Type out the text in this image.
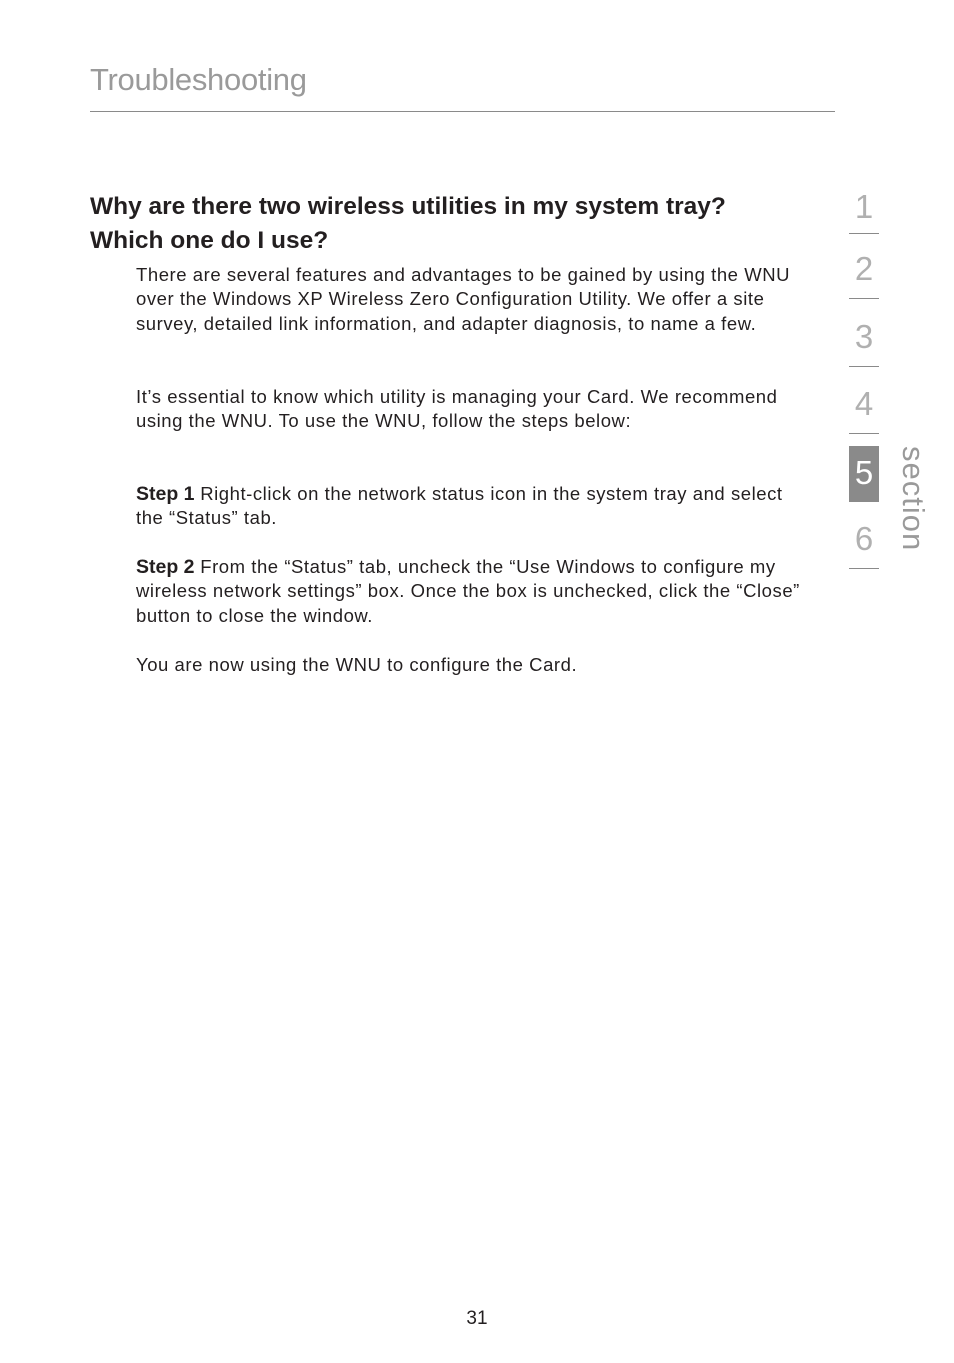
Troubleshooting
Why are there two wireless utilities in my system tray?
Which one do I use?

There are several features and advantages to be gained by using the WNU over the Windows XP Wireless Zero Configuration Utility. We offer a site survey, detailed link information, and adapter diagnosis, to name a few.

It’s essential to know which utility is managing your Card. We recommend using the WNU. To use the WNU, follow the steps below:

Step 1 Right-click on the network status icon in the system tray and select the “Status” tab.

Step 2 From the “Status” tab, uncheck the “Use Windows to configure my wireless network settings” box. Once the box is unchecked, click the “Close” button to close the window.

You are now using the WNU to configure the Card.

1
2
3
4
5
6 section

31
